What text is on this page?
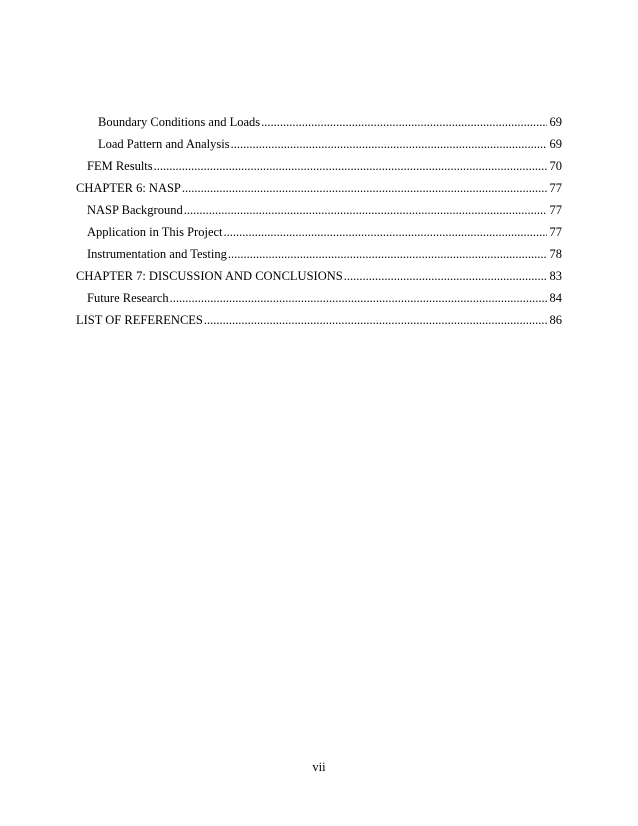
Boundary Conditions and Loads .....	69
Load Pattern and Analysis .....	69
FEM Results .....	70
CHAPTER 6: NASP .....	77
NASP Background .....	77
Application in This Project .....	77
Instrumentation and Testing .....	78
CHAPTER 7: DISCUSSION AND CONCLUSIONS .....	83
Future Research .....	84
LIST OF REFERENCES .....	86
vii
